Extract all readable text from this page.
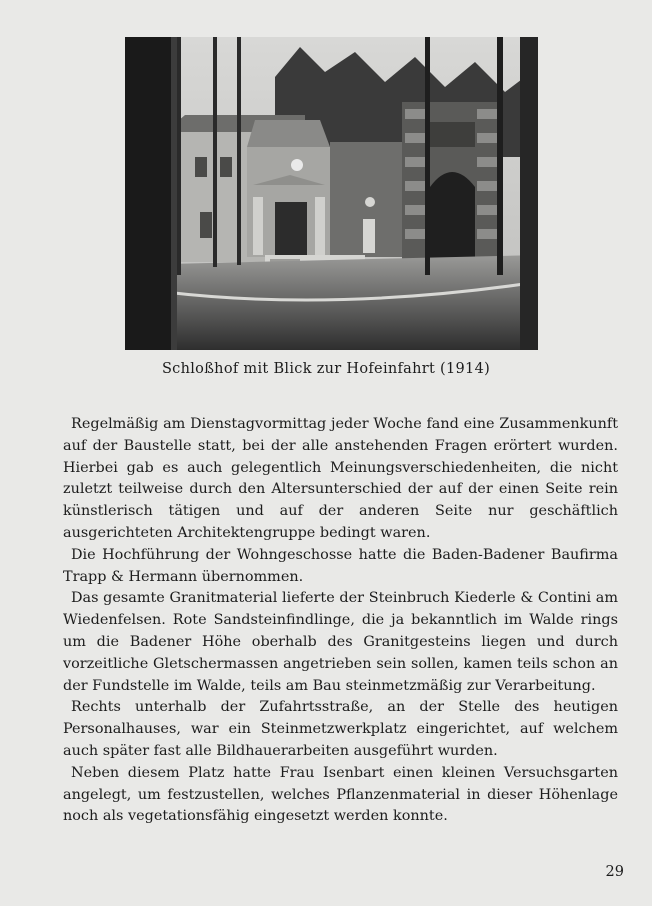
Schloßhof mit Blick zur Hofeinfahrt (1914)

Regelmäßig am Dienstagvormittag jeder Woche fand eine Zusammenkunft auf der Baustelle statt, bei der alle anstehenden Fragen erörtert wurden. Hierbei gab es auch gelegentlich Meinungsverschiedenheiten, die nicht zuletzt teilweise durch den Altersunterschied der auf der einen Seite rein künstlerisch tätigen und auf der anderen Seite nur geschäftlich ausgerichteten Architektengruppe bedingt waren.

Die Hochführung der Wohngeschosse hatte die Baden-Badener Baufirma Trapp & Hermann übernommen.

Das gesamte Granitmaterial lieferte der Steinbruch Kiederle & Contini am Wiedenfelsen. Rote Sandsteinfindlinge, die ja bekanntlich im Walde rings um die Badener Höhe oberhalb des Granitgesteins liegen und durch vorzeitliche Gletschermassen angetrieben sein sollen, kamen teils schon an der Fundstelle im Walde, teils am Bau steinmetzmäßig zur Verarbeitung.

Rechts unterhalb der Zufahrtsstraße, an der Stelle des heutigen Personalhauses, war ein Steinmetzwerkplatz eingerichtet, auf welchem auch später fast alle Bildhauerarbeiten ausgeführt wurden.

Neben diesem Platz hatte Frau Isenbart einen kleinen Versuchsgarten angelegt, um festzustellen, welches Pflanzenmaterial in dieser Höhenlage noch als vegetationsfähig eingesetzt werden konnte.

29
